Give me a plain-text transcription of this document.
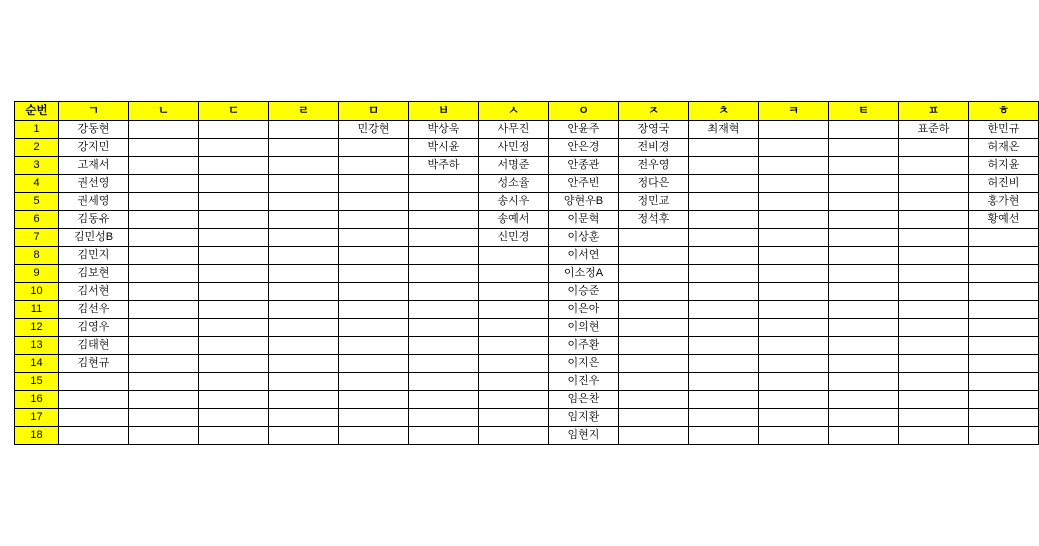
순번	ㄱ	ㄴ	ㄷ	ㄹ	ㅁ	ㅂ	ㅅ	ㅇ	ㅈ	ㅊ	ㅋ	ㅌ	ㅍ	ㅎ
1	강동현				민강현	박상욱	사무진	안윤주	장영국	최재혁			표준하	한민규
2	강지민					박시윤	사민정	안은경	전비경					허재온
3	고재서					박주하	서명준	안종관	전우영					허지윤
4	권선영						성소율	안주빈	정다은					허진비
5	권세영						송시우	양현우B	정민교					홍가현
6	김동유						송예서	이문혁	정석후					황예선
7	김민성B						신민경	이상훈						
8	김민지							이서연						
9	김보현							이소정A						
10	김서현							이승준						
11	김선우							이은아						
12	김영우							이의현						
13	김태현							이주환						
14	김현규							이지은						
15								이진우						
16								임은찬						
17								임지환						
18								임현지						
